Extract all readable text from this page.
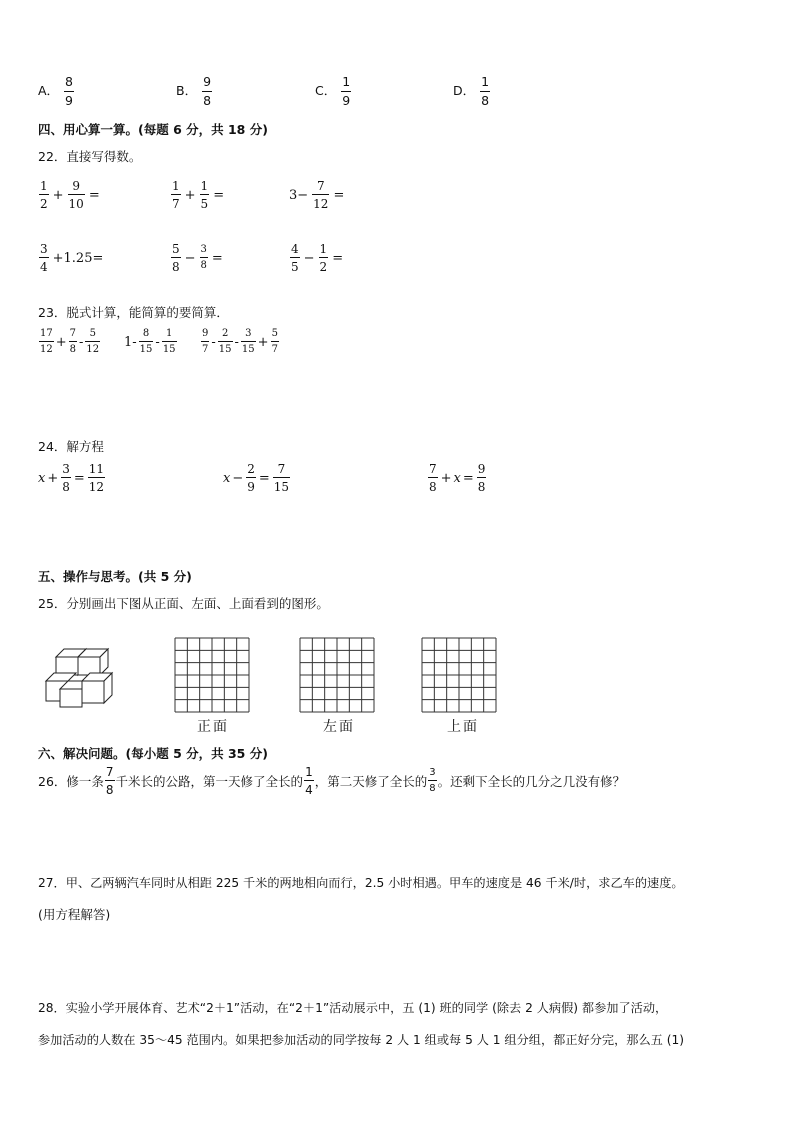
A． $\frac{8}{9}$	B． $\frac{9}{8}$	C． $\frac{1}{9}$	D． $\frac{1}{8}$
四、用心算一算。(每题 6 分，共 18 分)
22．直接写得数。
$\frac{1}{2} + \frac{9}{10}$ =	$\frac{1}{7} + \frac{1}{5}$ =	$3- \frac{7}{12}$ =
$\frac{3}{4} +1.25=$	$\frac{5}{8} - \frac{3}{8}$ =	$\frac{4}{5} - \frac{1}{2}$ =
23．脱式计算，能简算的要简算．
$\frac{17}{12} + \frac{7}{8} - \frac{5}{12} 1- \frac{8}{15} - \frac{1}{15} \frac{9}{7} - \frac{2}{15} - \frac{3}{15} + \frac{5}{7}$
24．解方程
$x + \frac{3}{8} = \frac{11}{12}$	$x - \frac{2}{9} = \frac{7}{15}$	$\frac{7}{8} + x = \frac{9}{8}$
五、操作与思考。(共 5 分)
25．分别画出下图从正面、左面、上面看到的图形。
正面	左面	上面
六、解决问题。(每小题 5 分，共 35 分)
26．修一条 $\frac{7}{8}$ 千米长的公路，第一天修了全长的 $\frac{1}{4}$ ，第二天修了全长的 $\frac{3}{8}$ 。还剩下全长的几分之几没有修？
27．甲、乙两辆汽车同时从相距 225 千米的两地相向而行，2.5 小时相遇。甲车的速度是 46 千米/时，求乙车的速度。
(用方程解答)
28．实验小学开展体育、艺术“2＋1”活动，在“2＋1”活动展示中，五 (1) 班的同学 (除去 2 人病假) 都参加了活动，
参加活动的人数在 35～45 范围内。如果把参加活动的同学按每 2 人 1 组或每 5 人 1 组分组，都正好分完，那么五 (1)
